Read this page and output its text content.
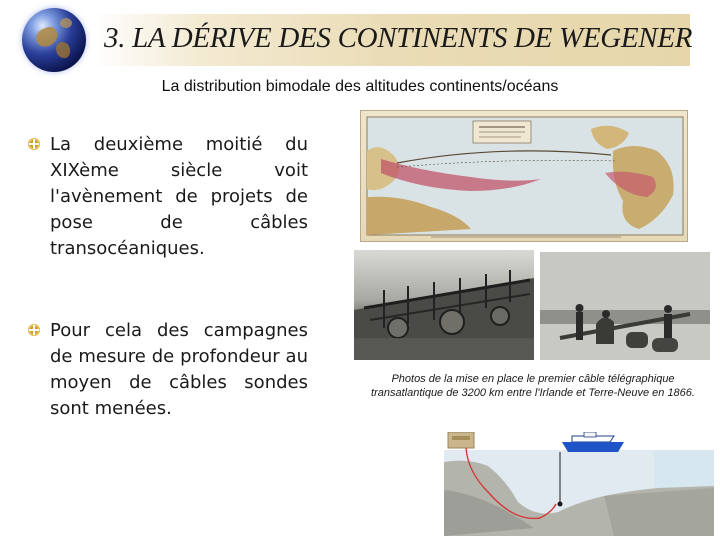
3. LA DÉRIVE DES CONTINENTS DE WEGENER
La distribution bimodale des altitudes continents/océans
La deuxième moitié du XIXème siècle voit l'avènement de projets de pose de câbles transocéaniques.
Pour cela des campagnes de mesure de profondeur au moyen de câbles sondes sont menées.
Photos de la mise en place le premier câble télégraphique transatlantique de 3200 km entre l'Irlande et Terre-Neuve en 1866.
